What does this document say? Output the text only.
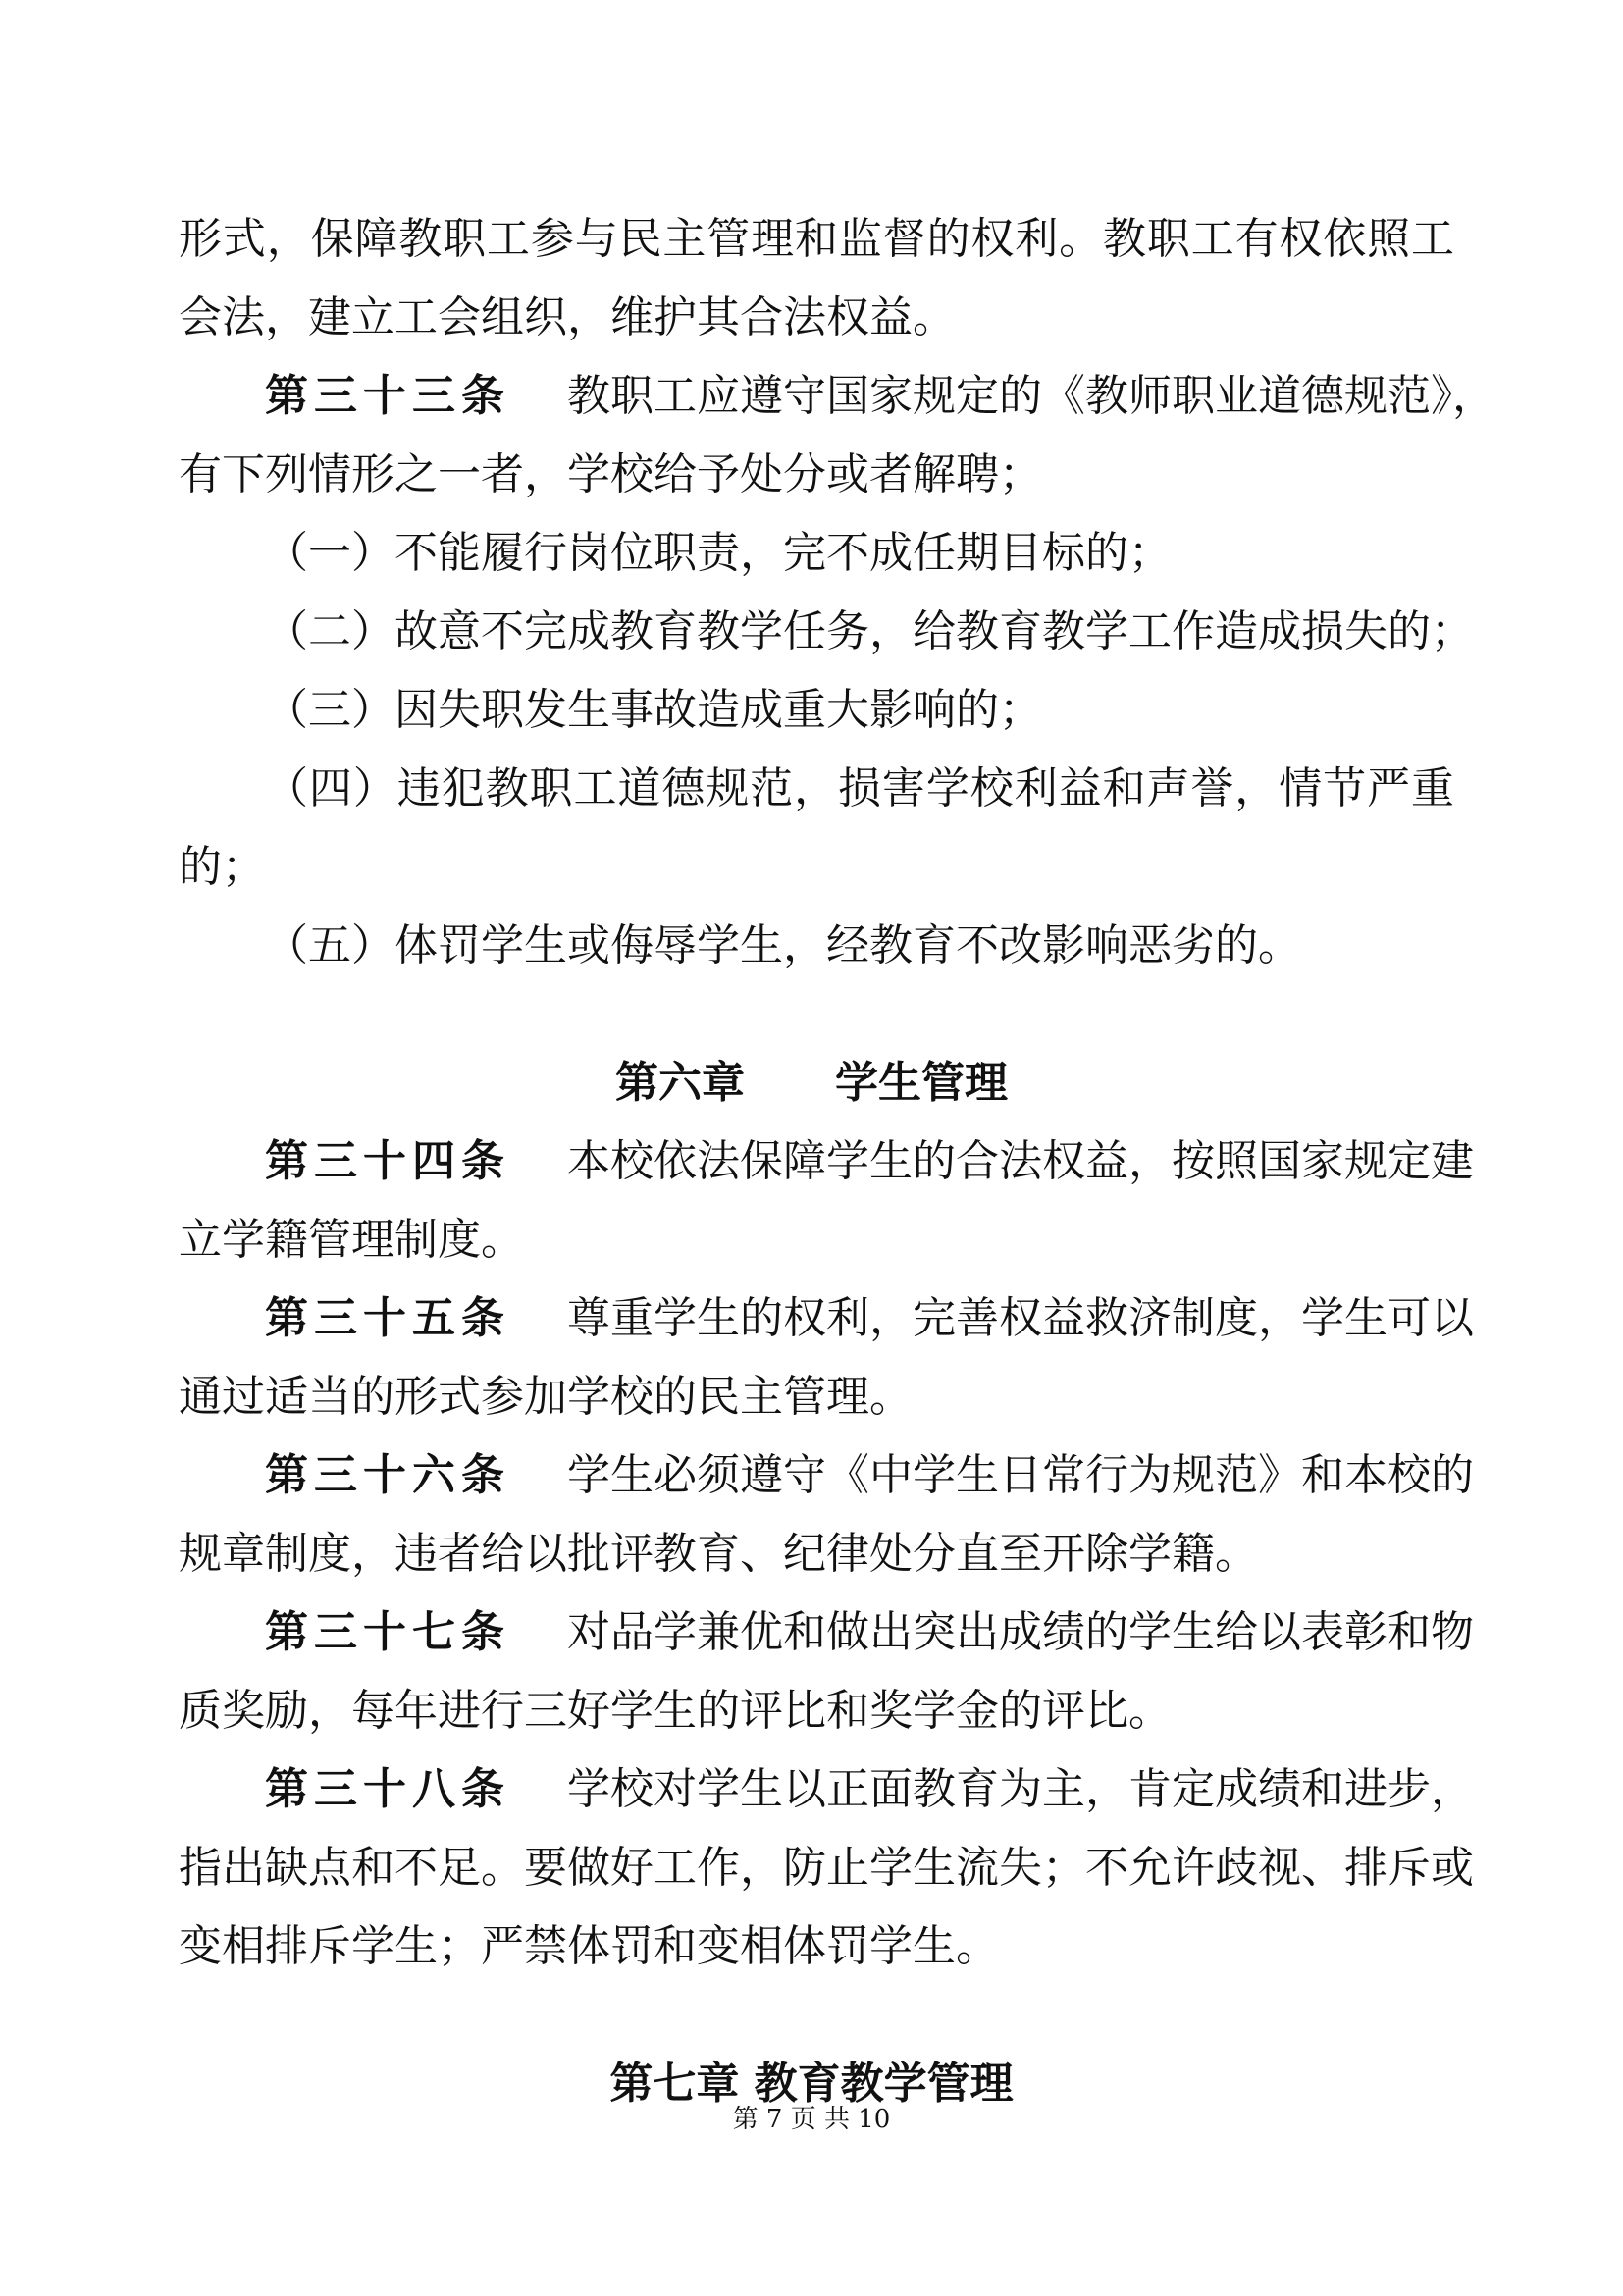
形式，保障教职工参与民主管理和监督的权利。教职工有权依照工
会法，建立工会组织，维护其合法权益。
第三十三条 教职工应遵守国家规定的《教师职业道德规范》，
有下列情形之一者，学校给予处分或者解聘；
（一）不能履行岗位职责，完不成任期目标的；
（二）故意不完成教育教学任务，给教育教学工作造成损失的；
（三）因失职发生事故造成重大影响的；
（四）违犯教职工道德规范，损害学校利益和声誉，情节严重
的；
（五）体罚学生或侮辱学生，经教育不改影响恶劣的。
第六章      学生管理
第三十四条 本校依法保障学生的合法权益，按照国家规定建
立学籍管理制度。
第三十五条 尊重学生的权利，完善权益救济制度，学生可以
通过适当的形式参加学校的民主管理。
第三十六条 学生必须遵守《中学生日常行为规范》和本校的
规章制度，违者给以批评教育、纪律处分直至开除学籍。
第三十七条 对品学兼优和做出突出成绩的学生给以表彰和物
质奖励，每年进行三好学生的评比和奖学金的评比。
第三十八条 学校对学生以正面教育为主，肯定成绩和进步，
指出缺点和不足。要做好工作，防止学生流失；不允许歧视、排斥或
变相排斥学生；严禁体罚和变相体罚学生。
第七章 教育教学管理
第 7 页 共 10
